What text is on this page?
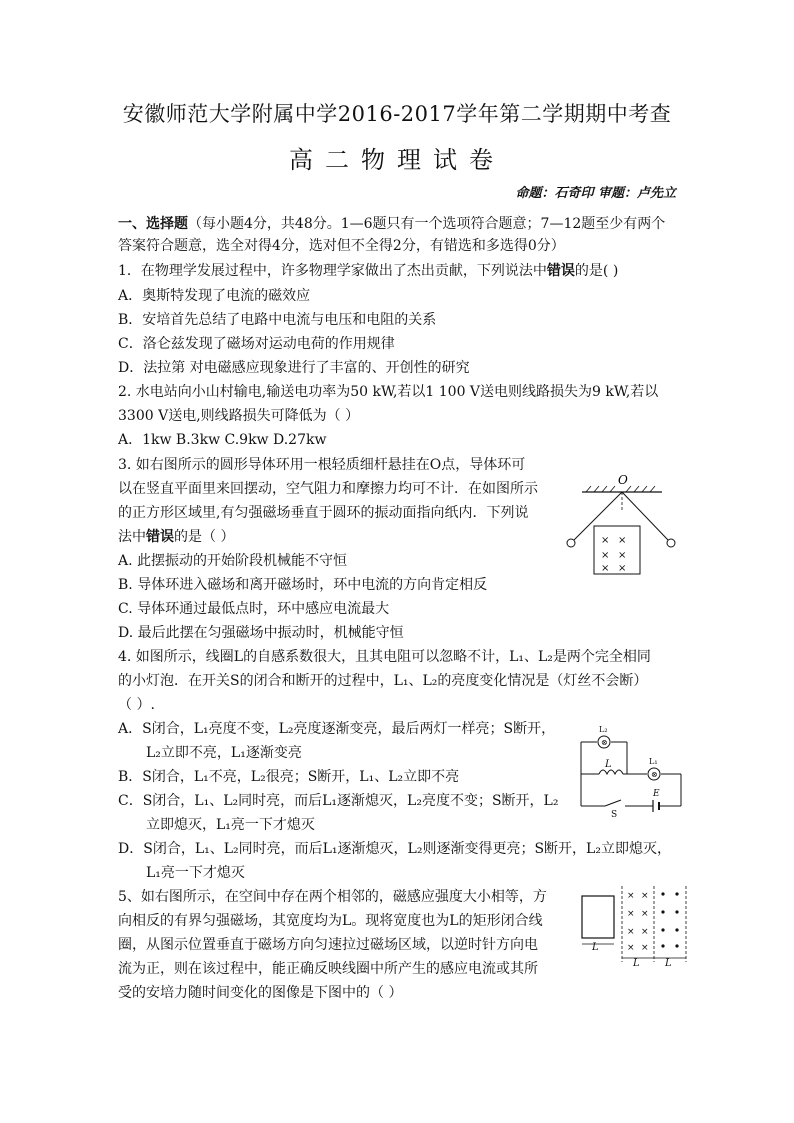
安徽师范大学附属中学2016-2017学年第二学期期中考查
高二物理试卷
命题：石奇印 审题：卢先立
一、选择题（每小题4分，共48分。1—6题只有一个选项符合题意；7—12题至少有两个
答案符合题意，选全对得4分，选对但不全得2分，有错选和多选得0分）
1．在物理学发展过程中，许多物理学家做出了杰出贡献，下列说法中错误的是( )
A．奥斯特发现了电流的磁效应
B．安培首先总结了电路中电流与电压和电阻的关系
C．洛仑兹发现了磁场对运动电荷的作用规律
D．法拉第 对电磁感应现象进行了丰富的、开创性的研究
2. 水电站向小山村输电,输送电功率为50 kW,若以1 100 V送电则线路损失为9 kW,若以
3300 V送电,则线路损失可降低为（ ）
A．1kw B.3kw C.9kw D.27kw
3. 如右图所示的圆形导体环用一根轻质细杆悬挂在O点，导体环可
以在竖直平面里来回摆动，空气阻力和摩擦力均可不计．在如图所示
的正方形区域里,有匀强磁场垂直于圆环的振动面指向纸内．下列说
法中错误的是（ ）
A. 此摆振动的开始阶段机械能不守恒
B. 导体环进入磁场和离开磁场时，环中电流的方向肯定相反
C. 导体环通过最低点时，环中感应电流最大
D. 最后此摆在匀强磁场中振动时，机械能守恒
O
× ×
× ×
× ×
4. 如图所示，线圈L的自感系数很大，且其电阻可以忽略不计，L₁、L₂是两个完全相同
的小灯泡．在开关S的闭合和断开的过程中，L₁、L₂的亮度变化情况是（灯丝不会断）
（ ）.
A．S闭合，L₁亮度不变，L₂亮度逐渐变亮，最后两灯一样亮；S断开，
L₂立即不亮，L₁逐渐变亮
B．S闭合，L₁不亮，L₂很亮；S断开，L₁、L₂立即不亮
C．S闭合，L₁、L₂同时亮，而后L₁逐渐熄灭，L₂亮度不变；S断开，L₂
立即熄灭，L₁亮一下才熄灭
D．S闭合，L₁、L₂同时亮，而后L₁逐渐熄灭，L₂则逐渐变得更亮；S断开，L₂立即熄灭，
L₁亮一下才熄灭
⊗
⊗
L₂
L	L₁
E
S
5、如右图所示，在空间中存在两个相邻的，磁感应强度大小相等，方
向相反的有界匀强磁场，其宽度均为L。现将宽度也为L的矩形闭合线
圈，从图示位置垂直于磁场方向匀速拉过磁场区域，以逆时针方向电
流为正，则在该过程中，能正确反映线圈中所产生的感应电流或其所
受的安培力随时间变化的图像是下图中的（ ）
L
× ×
× ×
× ×
× ×
L	L
